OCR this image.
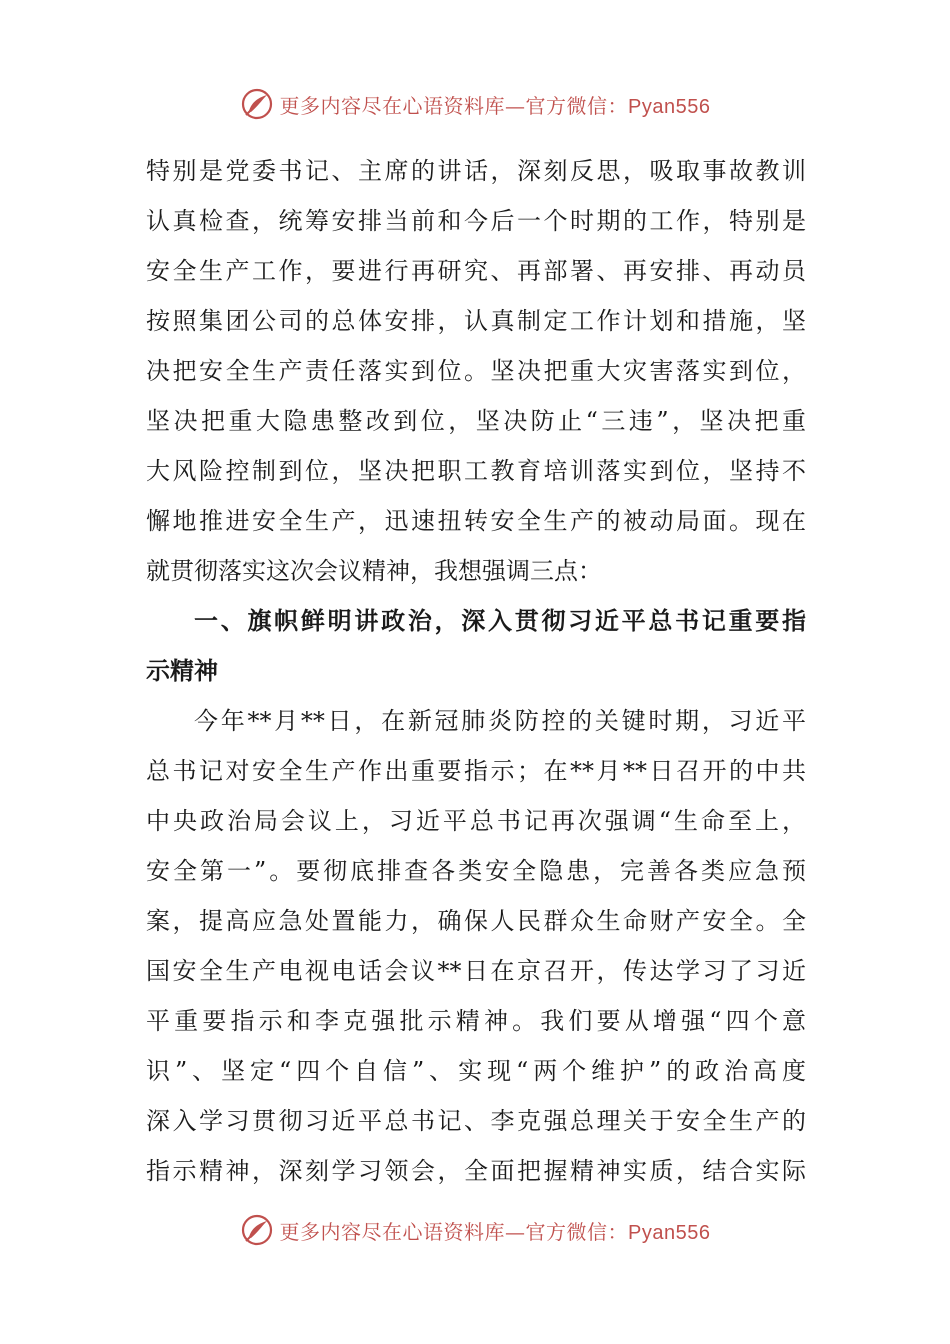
更多内容尽在心语资料库—官方微信：Pyan556
特别是党委书记、主席的讲话，深刻反思，吸取事故教训
认真检查，统筹安排当前和今后一个时期的工作，特别是
安全生产工作，要进行再研究、再部署、再安排、再动员
按照集团公司的总体安排，认真制定工作计划和措施，坚
决把安全生产责任落实到位。坚决把重大灾害落实到位，
坚决把重大隐患整改到位，坚决防止“三违”，坚决把重
大风险控制到位，坚决把职工教育培训落实到位，坚持不
懈地推进安全生产，迅速扭转安全生产的被动局面。现在
就贯彻落实这次会议精神，我想强调三点：
一、旗帜鲜明讲政治，深入贯彻习近平总书记重要指
示精神
今年**月**日，在新冠肺炎防控的关键时期，习近平
总书记对安全生产作出重要指示；在**月**日召开的中共
中央政治局会议上，习近平总书记再次强调“生命至上，
安全第一”。要彻底排查各类安全隐患，完善各类应急预
案，提高应急处置能力，确保人民群众生命财产安全。全
国安全生产电视电话会议**日在京召开，传达学习了习近
平重要指示和李克强批示精神。我们要从增强“四个意
识”、坚定“四个自信”、实现“两个维护”的政治高度
深入学习贯彻习近平总书记、李克强总理关于安全生产的
指示精神，深刻学习领会，全面把握精神实质，结合实际
更多内容尽在心语资料库—官方微信：Pyan556
